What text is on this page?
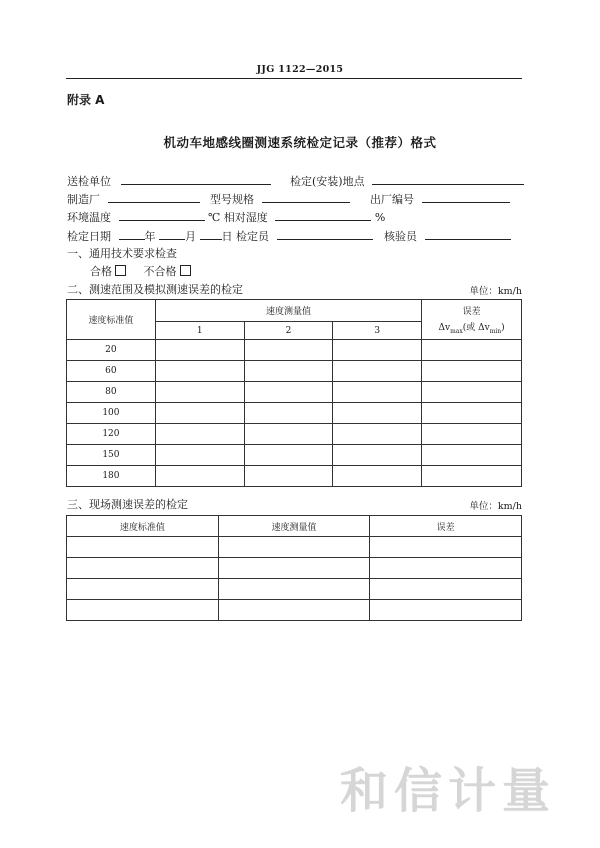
JJG 1122—2015
附录 A
机动车地感线圈测速系统检定记录（推荐）格式
送检单位	检定(安装)地点
制造厂	型号规格	出厂编号
环境温度	℃ 相对湿度	%
检定日期	年	月 日 检定员	核验员
一、通用技术要求检查
合格	不合格
二、测速范围及模拟测速误差的检定	单位：km/h
速度标准值	速度测量值			误差
$\Delta v_{max}$(或 $\Delta v_{min}$)

	1	2	3	
20				
60				
80				
100				
120				
150				
180				
三、现场测速误差的检定	单位：km/h
速度标准值	速度测量值	误差

和信计量
